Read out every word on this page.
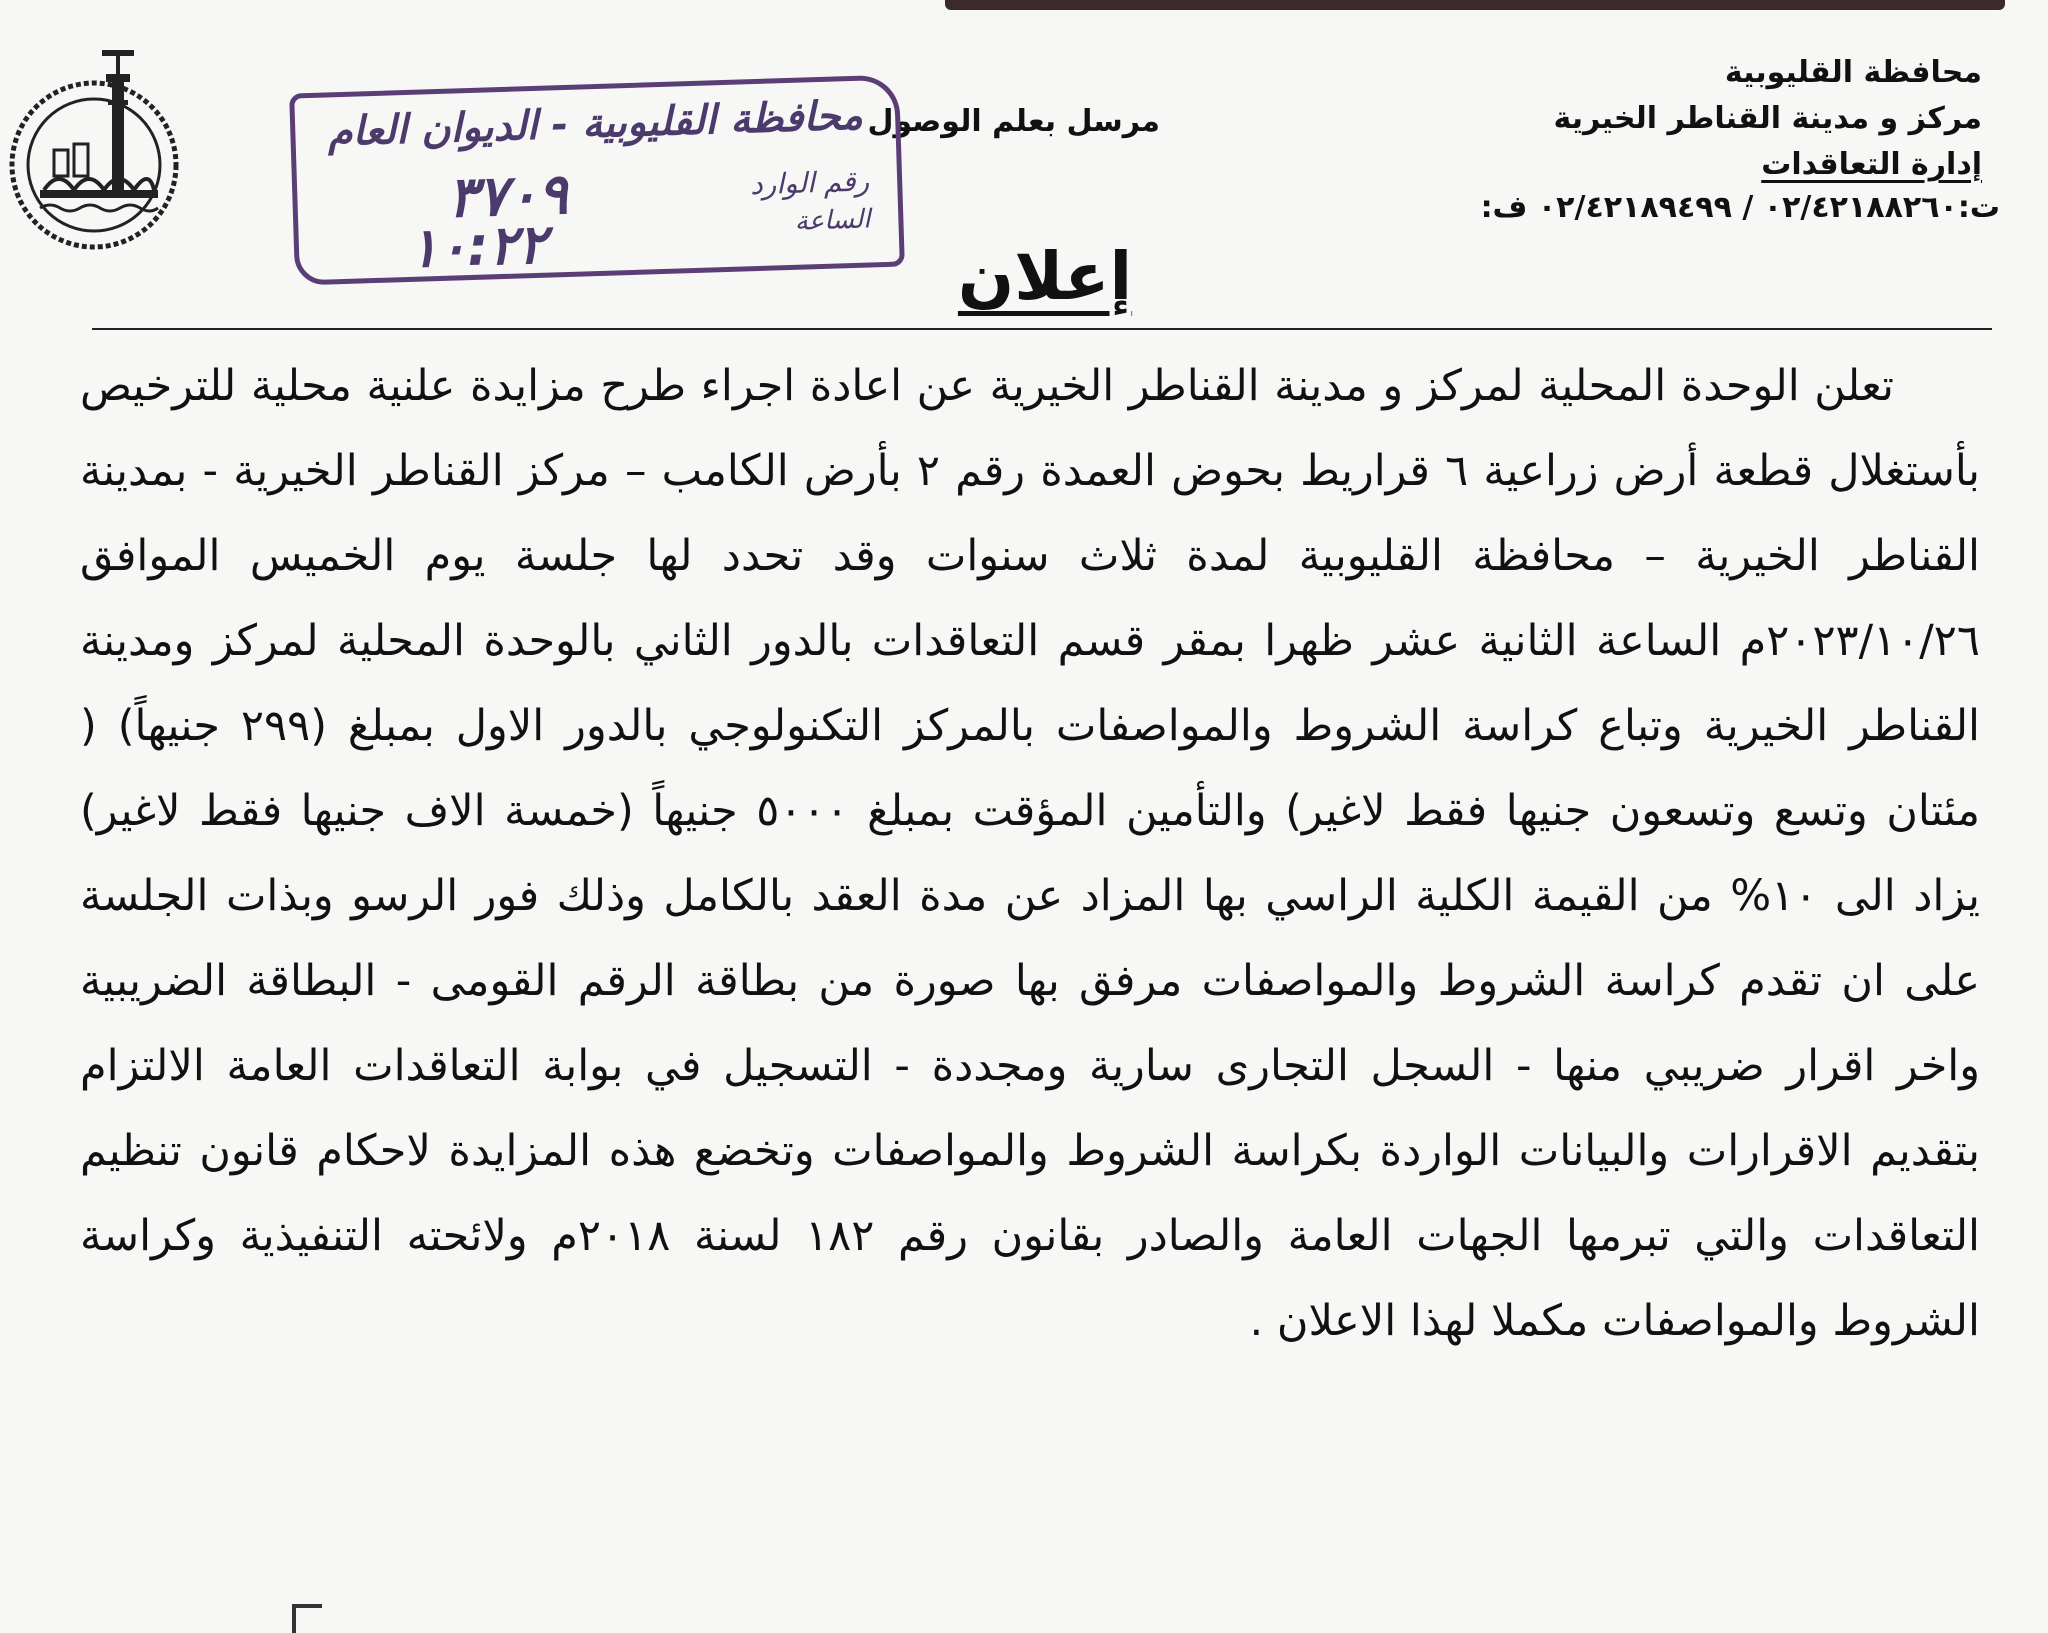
محافظة القليوبية
مركز و مدينة القناطر الخيرية
إدارة التعاقدات
ت:٠٢/٤٢١٨٨٢٦٠ / ٠٢/٤٢١٨٩٤٩٩ ف:
مرسل بعلم الوصول
محافظة القليوبية - الديوان العام
رقم الوارد
الساعة
٣٧٠٩
١٠:٢٢	إعلان
تعلن الوحدة المحلية لمركز و مدينة القناطر الخيرية عن اعادة اجراء طرح مزايدة علنية محلية للترخيص بأستغلال قطعة أرض زراعية ٦ قراريط بحوض العمدة رقم ٢ بأرض الكامب – مركز القناطر الخيرية - بمدينة القناطر الخيرية – محافظة القليوبية لمدة ثلاث سنوات وقد تحدد لها جلسة يوم الخميس الموافق ٢٠٢٣/١٠/٢٦م الساعة الثانية عشر ظهرا بمقر قسم التعاقدات بالدور الثاني بالوحدة المحلية لمركز ومدينة القناطر الخيرية وتباع كراسة الشروط والمواصفات بالمركز التكنولوجي بالدور الاول بمبلغ (٢٩٩ جنيهاً) ( مئتان وتسع وتسعون جنيها فقط لاغير) والتأمين المؤقت بمبلغ ٥٠٠٠ جنيهاً (خمسة الاف جنيها فقط لاغير) يزاد الى ١٠% من القيمة الكلية الراسي بها المزاد عن مدة العقد بالكامل وذلك فور الرسو وبذات الجلسة على ان تقدم كراسة الشروط والمواصفات مرفق بها صورة من بطاقة الرقم القومى - البطاقة الضريبية واخر اقرار ضريبي منها - السجل التجارى سارية ومجددة - التسجيل في بوابة التعاقدات العامة الالتزام بتقديم الاقرارات والبيانات الواردة بكراسة الشروط والمواصفات وتخضع هذه المزايدة لاحكام قانون تنظيم التعاقدات والتي تبرمها الجهات العامة والصادر بقانون رقم ١٨٢ لسنة ٢٠١٨م ولائحته التنفيذية وكراسة الشروط والمواصفات مكملا لهذا الاعلان .
